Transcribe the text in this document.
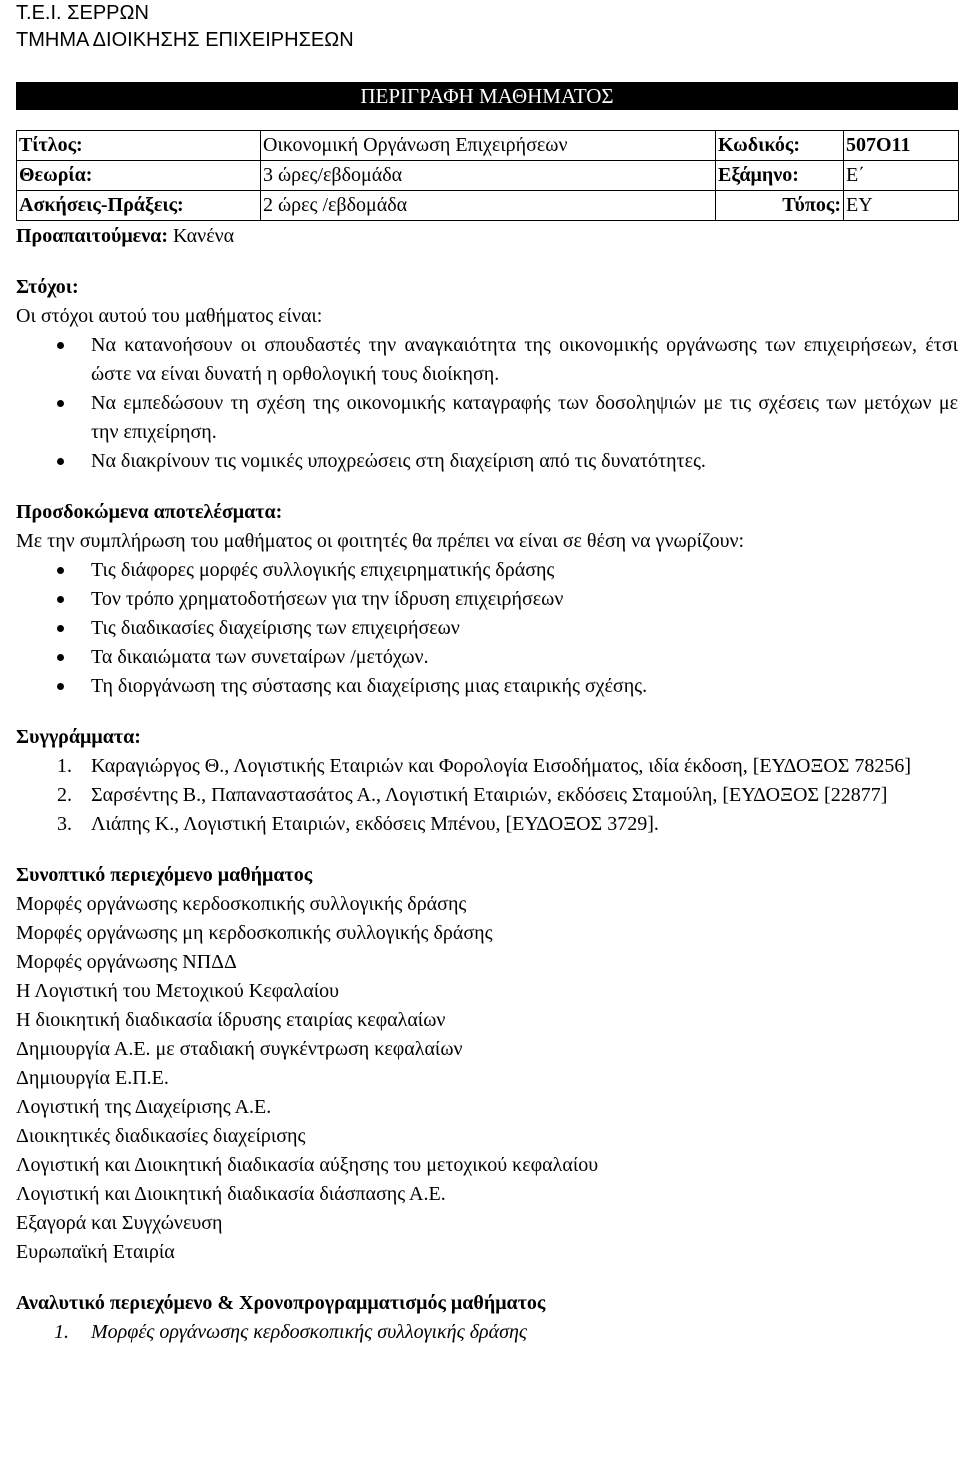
Τ.Ε.Ι. ΣΕΡΡΩΝ
ΤΜΗΜΑ ΔΙΟΙΚΗΣΗΣ ΕΠΙΧΕΙΡΗΣΕΩΝ
ΠΕΡΙΓΡΑΦΗ ΜΑΘΗΜΑΤΟΣ
Τίτλος:	Οικονομική Οργάνωση Επιχειρήσεων	Κωδικός:	507Ο11
Θεωρία:	3 ώρες/εβδομάδα	Εξάμηνο:	Ε΄
Ασκήσεις-Πράξεις:	2 ώρες /εβδομάδα	Τύπος:	ΕΥ
Προαπαιτούμενα: Κανένα
Στόχοι:
Οι στόχοι αυτού του μαθήματος είναι:
Να κατανοήσουν οι σπουδαστές την αναγκαιότητα της οικονομικής οργάνωσης των επιχειρήσεων, έτσι ώστε να είναι δυνατή η ορθολογική τους διοίκηση.
Να εμπεδώσουν τη σχέση της οικονομικής καταγραφής των δοσοληψιών με τις σχέσεις των μετόχων με την επιχείρηση.
Να διακρίνουν τις νομικές υποχρεώσεις στη διαχείριση από τις δυνατότητες.
Προσδοκώμενα αποτελέσματα:
Με την συμπλήρωση του μαθήματος οι φοιτητές θα πρέπει να είναι σε θέση να γνωρίζουν:
Τις διάφορες μορφές συλλογικής επιχειρηματικής δράσης
Τον τρόπο χρηματοδοτήσεων για την ίδρυση επιχειρήσεων
Τις διαδικασίες διαχείρισης των επιχειρήσεων
Τα δικαιώματα των συνεταίρων /μετόχων.
Τη διοργάνωση της σύστασης και διαχείρισης μιας εταιρικής σχέσης.
Συγγράμματα:
1. Καραγιώργος Θ., Λογιστικής Εταιριών και Φορολογία Εισοδήματος, ιδία έκδοση, [ΕΥΔΟΞΟΣ 78256]
2. Σαρσέντης Β., Παπαναστασάτος Α., Λογιστική Εταιριών, εκδόσεις Σταμούλη, [ΕΥΔΟΞΟΣ [22877]
3. Λιάπης Κ., Λογιστική Εταιριών, εκδόσεις Μπένου, [ΕΥΔΟΞΟΣ 3729].
Συνοπτικό περιεχόμενο μαθήματος
Μορφές οργάνωσης κερδοσκοπικής συλλογικής δράσης
Μορφές οργάνωσης μη κερδοσκοπικής συλλογικής δράσης
Μορφές οργάνωσης ΝΠΔΔ
Η Λογιστική του Μετοχικού Κεφαλαίου
Η διοικητική διαδικασία ίδρυσης εταιρίας κεφαλαίων
Δημιουργία Α.Ε. με σταδιακή συγκέντρωση κεφαλαίων
Δημιουργία Ε.Π.Ε.
Λογιστική της Διαχείρισης Α.Ε.
Διοικητικές διαδικασίες διαχείρισης
Λογιστική και Διοικητική διαδικασία αύξησης του μετοχικού κεφαλαίου
Λογιστική και Διοικητική διαδικασία διάσπασης Α.Ε.
Εξαγορά και Συγχώνευση
Ευρωπαϊκή Εταιρία
Αναλυτικό περιεχόμενο & Χρονοπρογραμματισμός μαθήματος
1. Μορφές οργάνωσης κερδοσκοπικής συλλογικής δράσης
